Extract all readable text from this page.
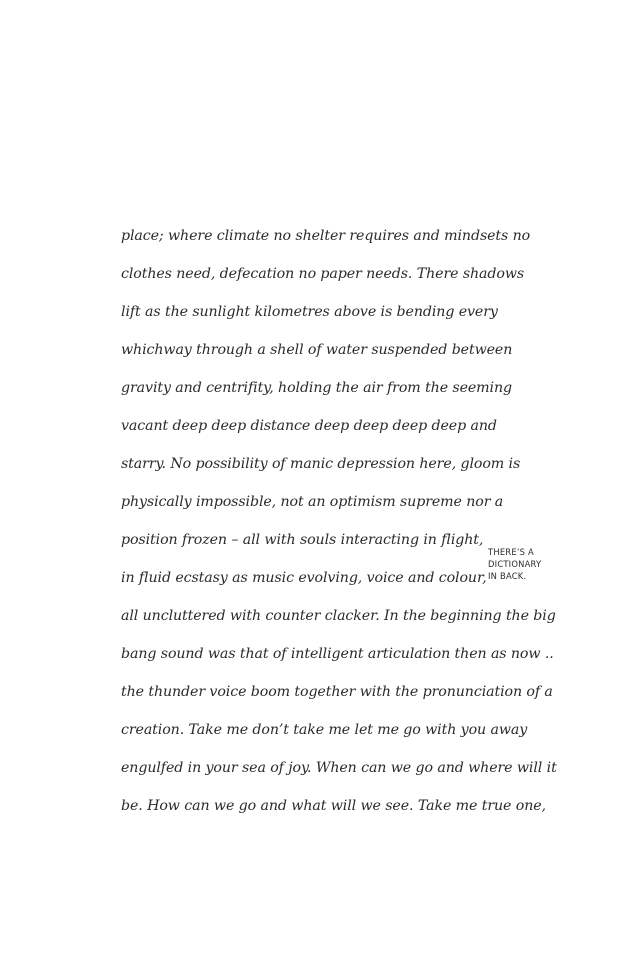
place; where climate no shelter requires and mindsets no
clothes need, defecation no paper needs. There shadows
lift as the sunlight kilometres above is bending every
whichway through a shell of water suspended between
gravity and centrifity, holding the air from the seeming
vacant deep deep distance deep deep deep deep and
starry. No possibility of manic depression here, gloom is
physically impossible, not an optimism supreme nor a
position frozen – all with souls interacting in flight,
in fluid ecstasy as music evolving, voice and colour,
all uncluttered with counter clacker. In the beginning the big
bang sound was that of intelligent articulation then as now ..
the thunder voice boom together with the pronunciation of a
creation. Take me don’t take me let me go with you away
engulfed in your sea of joy. When can we go and where will it
be. How can we go and what will we see. Take me true one,
THERE’S A
DICTIONARY
IN BACK.
